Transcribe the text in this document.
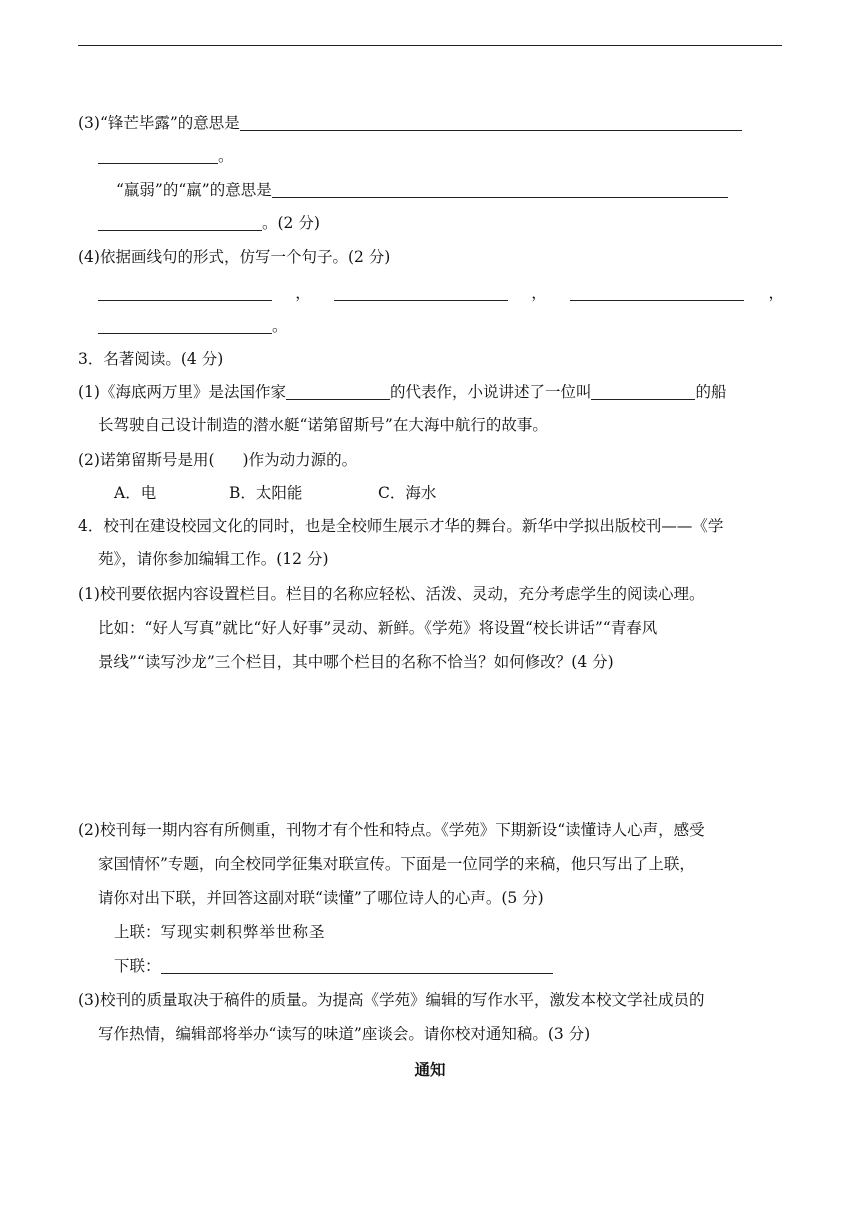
(3)“锋芒毕露”的意思是
。
“羸弱”的“羸”的意思是
。(2 分)
(4)依据画线句的形式，仿写一个句子。(2 分)
，	，	，
。
3．名著阅读。(4 分)
(1)《海底两万里》是法国作家	的代表作，小说讲述了一位叫	的船
长驾驶自己设计制造的潜水艇“诺第留斯号”在大海中航行的故事。
(2)诺第留斯号是用( )作为动力源的。
A．电	B．太阳能	C．海水
4．校刊在建设校园文化的同时，也是全校师生展示才华的舞台。新华中学拟出版校刊——《学
苑》，请你参加编辑工作。(12 分)
(1)校刊要依据内容设置栏目。栏目的名称应轻松、活泼、灵动，充分考虑学生的阅读心理。
比如：“好人写真”就比“好人好事”灵动、新鲜。《学苑》将设置“校长讲话”“青春风
景线”“读写沙龙”三个栏目，其中哪个栏目的名称不恰当？如何修改？(4 分)
(2)校刊每一期内容有所侧重，刊物才有个性和特点。《学苑》下期新设“读懂诗人心声，感受
家国情怀”专题，向全校同学征集对联宣传。下面是一位同学的来稿，他只写出了上联，
请你对出下联，并回答这副对联“读懂”了哪位诗人的心声。(5 分)
上联：写现实刺积弊举世称圣
下联：
(3)校刊的质量取决于稿件的质量。为提高《学苑》编辑的写作水平，激发本校文学社成员的
写作热情，编辑部将举办“读写的味道”座谈会。请你校对通知稿。(3 分)
通知
